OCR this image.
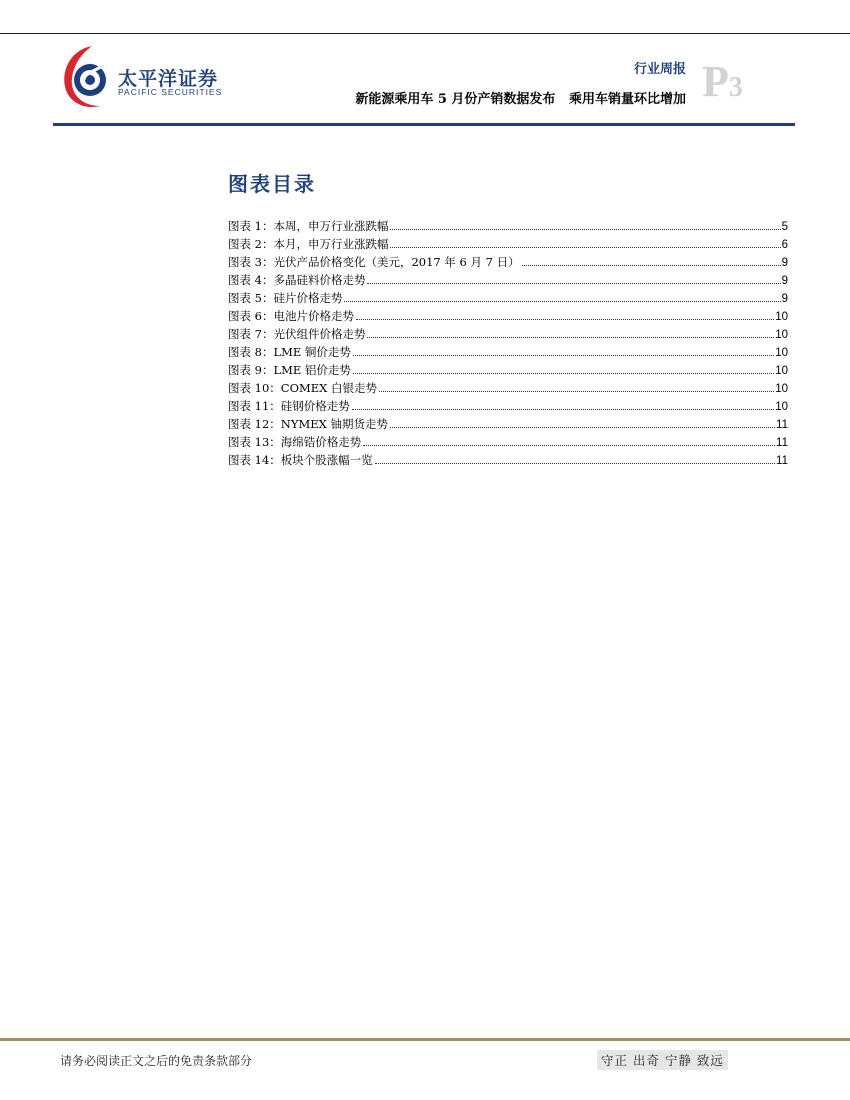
太平洋证券
PACIFIC SECURITIES
行业周报
新能源乘用车 5 月份产销数据发布   乘用车销量环比增加 P3
图表目录
图表 1：本周，申万行业涨跌幅	5
图表 2：本月，申万行业涨跌幅	6
图表 3：光伏产品价格变化（美元，2017 年 6 月 7 日）	9
图表 4：多晶硅料价格走势	9
图表 5：硅片价格走势	9
图表 6：电池片价格走势	10
图表 7：光伏组件价格走势	10
图表 8：LME 铜价走势	10
图表 9：LME 铝价走势	10
图表 10：COMEX 白银走势	10
图表 11：硅钢价格走势	10
图表 12：NYMEX 铀期货走势	11
图表 13：海绵锆价格走势	11
图表 14：板块个股涨幅一览	11
请务必阅读正文之后的免责条款部分	守正 出奇 宁静 致远
